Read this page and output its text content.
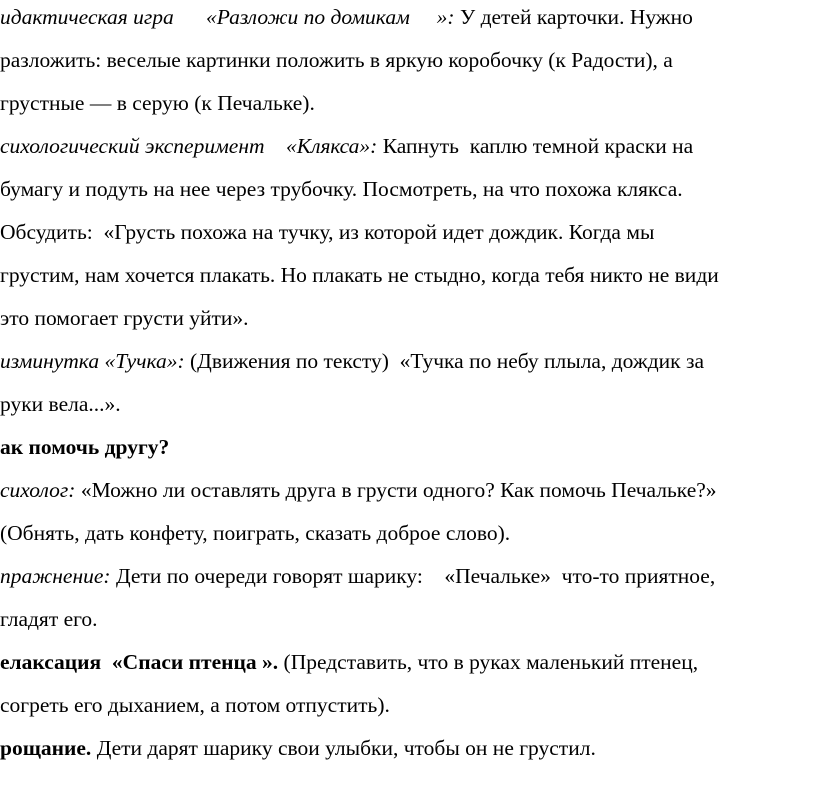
идактическая игра      «Разложи по домикам     »: У детей карточки. Нужно
разложить: веселые картинки положить в яркую коробочку (к Радости), а
грустные — в серую (к Печальке).
сихологический эксперимент    «Клякса»: Капнуть  каплю темной краски на
бумагу и подуть на нее через трубочку. Посмотреть, на что похожа клякса.
Обсудить:  «Грусть похожа на тучку, из которой идет дождик. Когда мы
грустим, нам хочется плакать. Но плакать не стыдно, когда тебя никто не види
это помогает грусти уйти».
изминутка «Тучка»: (Движения по тексту)  «Тучка по небу плыла, дождик за
руки вела...».
ак помочь другу?
сихолог: «Можно ли оставлять друга в грусти одного? Как помочь Печальке?»
(Обнять, дать конфету, поиграть, сказать доброе слово).
пражнение: Дети по очереди говорят шарику:    «Печальке»  что-то приятное,
гладят его.
елаксация  «Спаси птенца ». (Представить, что в руках маленький птенец,
согреть его дыханием, а потом отпустить).
рощание. Дети дарят шарику свои улыбки, чтобы он не грустил.
